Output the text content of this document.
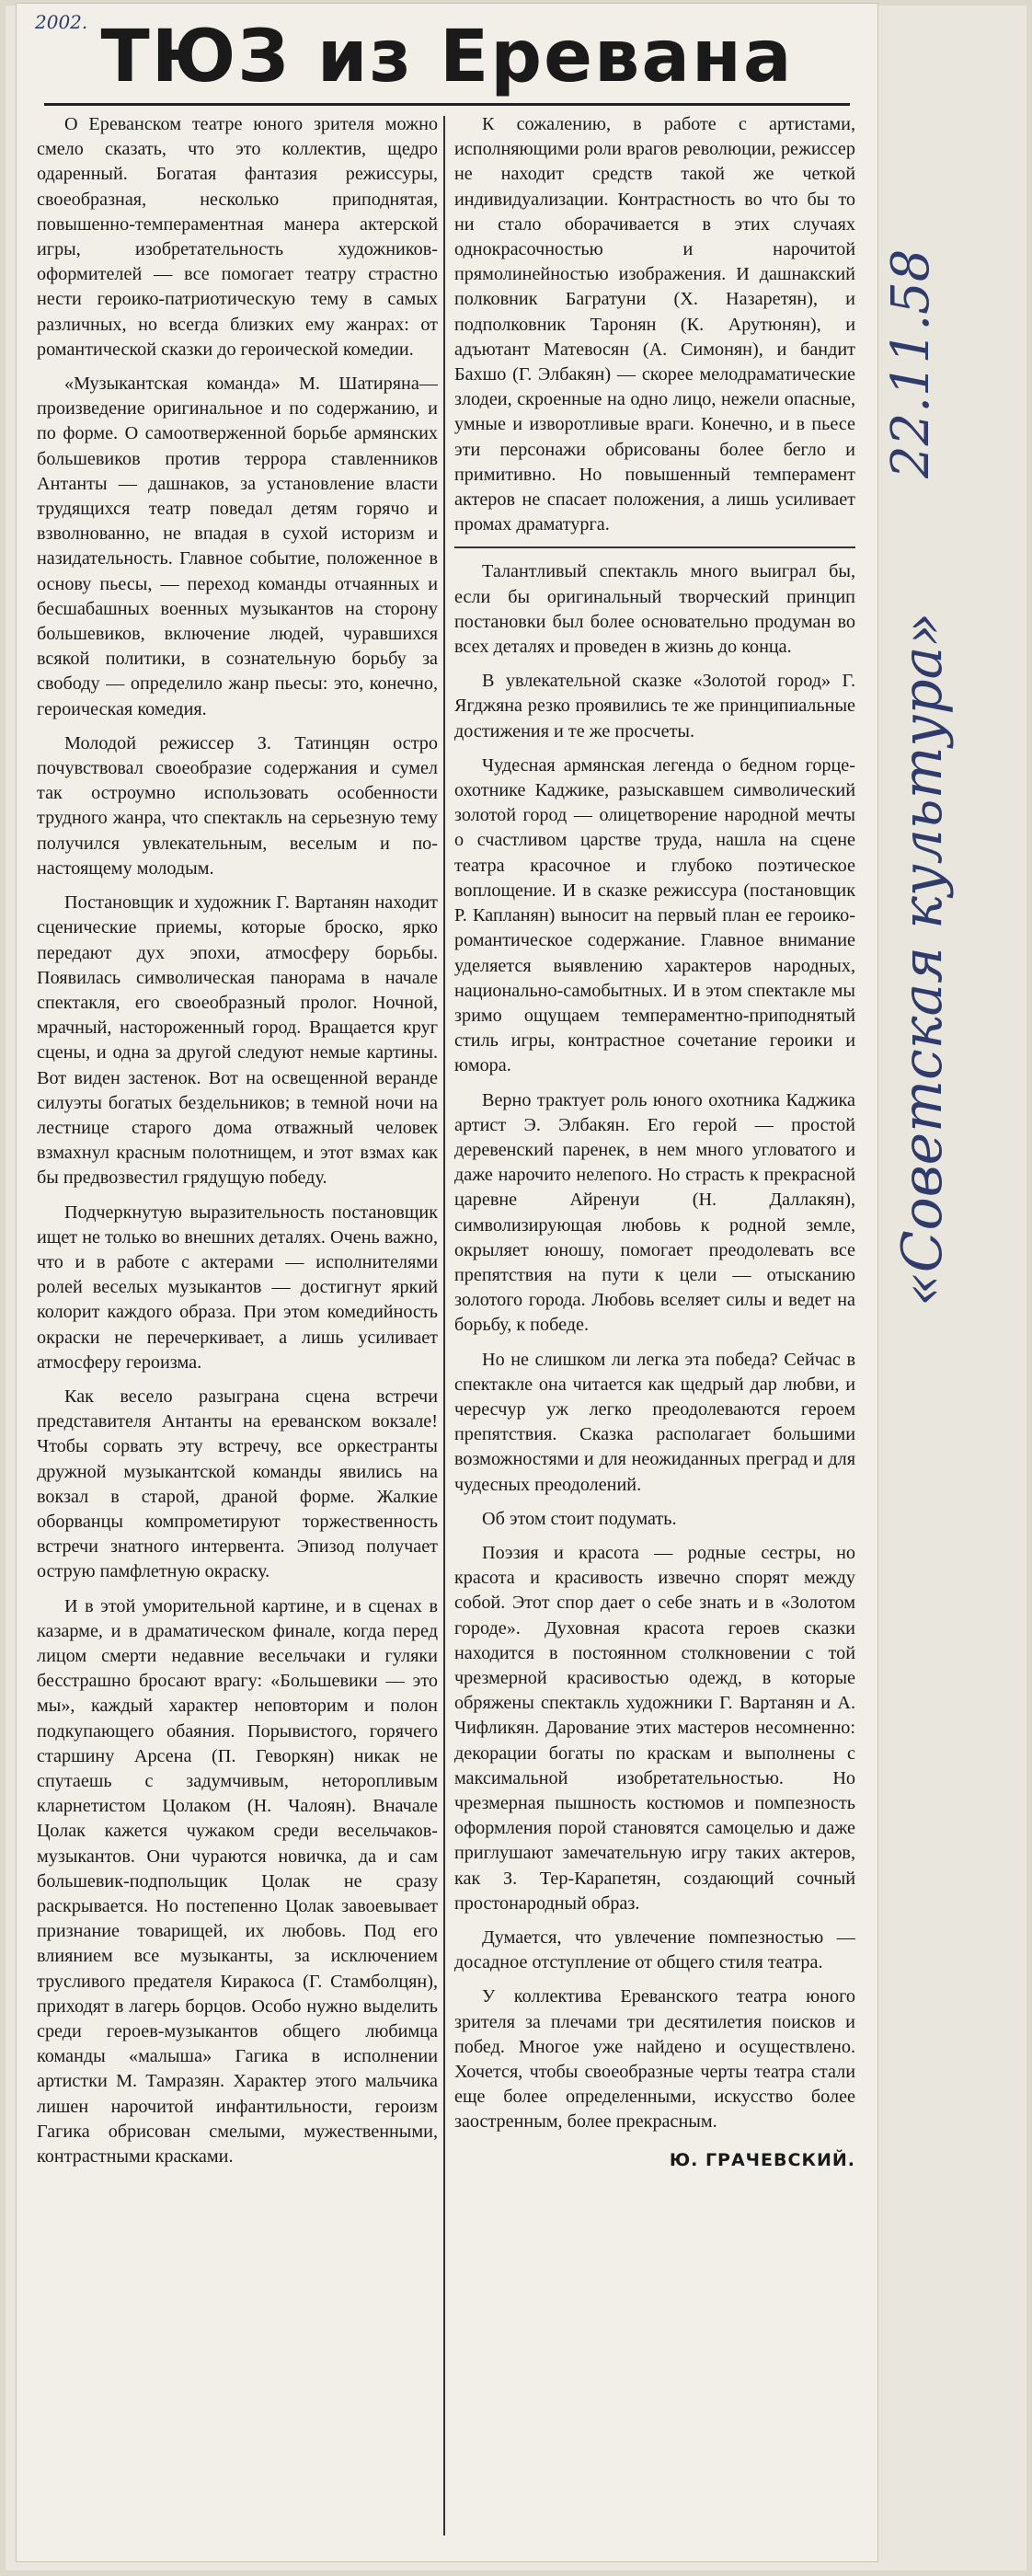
2002. ТЮЗ из Еревана

О Ереванском театре юного зрителя можно смело сказать, что это коллектив, щедро одаренный. Богатая фантазия режиссуры, своеобразная, несколько приподнятая, повышенно-темпераментная манера актерской игры, изобретательность художников-оформителей — все помогает театру страстно нести героико-патриотическую тему в самых различных, но всегда близких ему жанрах: от романтической сказки до героической комедии.

«Музыкантская команда» М. Шатиряна—произведение оригинальное и по содержанию, и по форме. О самоотверженной борьбе армянских большевиков против террора ставленников Антанты — дашнаков, за установление власти трудящихся театр поведал детям горячо и взволнованно, не впадая в сухой историзм и назидательность. Главное событие, положенное в основу пьесы, — переход команды отчаянных и бесшабашных военных музыкантов на сторону большевиков, включение людей, чуравшихся всякой политики, в сознательную борьбу за свободу — определило жанр пьесы: это, конечно, героическая комедия.

Молодой режиссер З. Татинцян остро почувствовал своеобразие содержания и сумел так остроумно использовать особенности трудного жанра, что спектакль на серьезную тему получился увлекательным, веселым и по-настоящему молодым.

Постановщик и художник Г. Вартанян находит сценические приемы, которые броско, ярко передают дух эпохи, атмосферу борьбы. Появилась символическая панорама в начале спектакля, его своеобразный пролог. Ночной, мрачный, настороженный город. Вращается круг сцены, и одна за другой следуют немые картины. Вот виден застенок. Вот на освещенной веранде силуэты богатых бездельников; в темной ночи на лестнице старого дома отважный человек взмахнул красным полотнищем, и этот взмах как бы предвозвестил грядущую победу.

Подчеркнутую выразительность постановщик ищет не только во внешних деталях. Очень важно, что и в работе с актерами — исполнителями ролей веселых музыкантов — достигнут яркий колорит каждого образа. При этом комедийность окраски не перечеркивает, а лишь усиливает атмосферу героизма.

Как весело разыграна сцена встречи представителя Антанты на ереванском вокзале! Чтобы сорвать эту встречу, все оркестранты дружной музыкантской команды явились на вокзал в старой, драной форме. Жалкие оборванцы компрометируют торжественность встречи знатного интервента. Эпизод получает острую памфлетную окраску.

И в этой уморительной картине, и в сценах в казарме, и в драматическом финале, когда перед лицом смерти недавние весельчаки и гуляки бесстрашно бросают врагу: «Большевики — это мы», каждый характер неповторим и полон подкупающего обаяния. Порывистого, горячего старшину Арсена (П. Геворкян) никак не спутаешь с задумчивым, неторопливым кларнетистом Цолаком (Н. Чалоян). Вначале Цолак кажется чужаком среди весельчаков-музыкантов. Они чураются новичка, да и сам большевик-подпольщик Цолак не сразу раскрывается. Но постепенно Цолак завоевывает признание товарищей, их любовь. Под его влиянием все музыканты, за исключением трусливого предателя Киракоса (Г. Стамболцян), приходят в лагерь борцов. Особо нужно выделить среди героев-музыкантов общего любимца команды «малыша» Гагика в исполнении артистки М. Тамразян. Характер этого мальчика лишен нарочитой инфантильности, героизм Гагика обрисован смелыми, мужественными, контрастными красками.

К сожалению, в работе с артистами, исполняющими роли врагов революции, режиссер не находит средств такой же четкой индивидуализации. Контрастность во что бы то ни стало оборачивается в этих случаях однокрасочностью и нарочитой прямолинейностью изображения. И дашнакский полковник Багратуни (Х. Назаретян), и подполковник Таронян (К. Арутюнян), и адъютант Матевосян (А. Симонян), и бандит Бахшо (Г. Элбакян) — скорее мелодраматические злодеи, скроенные на одно лицо, нежели опасные, умные и изворотливые враги. Конечно, и в пьесе эти персонажи обрисованы более бегло и примитивно. Но повышенный темперамент актеров не спасает положения, а лишь усиливает промах драматурга.

Талантливый спектакль много выиграл бы, если бы оригинальный творческий принцип постановки был более основательно продуман во всех деталях и проведен в жизнь до конца.

В увлекательной сказке «Золотой город» Г. Ягджяна резко проявились те же принципиальные достижения и те же просчеты.

Чудесная армянская легенда о бедном горце-охотнике Каджике, разыскавшем символический золотой город — олицетворение народной мечты о счастливом царстве труда, нашла на сцене театра красочное и глубоко поэтическое воплощение. И в сказке режиссура (постановщик Р. Капланян) выносит на первый план ее героико-романтическое содержание. Главное внимание уделяется выявлению характеров народных, национально-самобытных. И в этом спектакле мы зримо ощущаем темпераментно-приподнятый стиль игры, контрастное сочетание героики и юмора.

Верно трактует роль юного охотника Каджика артист Э. Элбакян. Его герой — простой деревенский паренек, в нем много угловатого и даже нарочито нелепого. Но страсть к прекрасной царевне Айренуи (Н. Даллакян), символизирующая любовь к родной земле, окрыляет юношу, помогает преодолевать все препятствия на пути к цели — отысканию золотого города. Любовь вселяет силы и ведет на борьбу, к победе.

Но не слишком ли легка эта победа? Сейчас в спектакле она читается как щедрый дар любви, и чересчур уж легко преодолеваются героем препятствия. Сказка располагает большими возможностями и для неожиданных преград и для чудесных преодолений.

Об этом стоит подумать.

Поэзия и красота — родные сестры, но красота и красивость извечно спорят между собой. Этот спор дает о себе знать и в «Золотом городе». Духовная красота героев сказки находится в постоянном столкновении с той чрезмерной красивостью одежд, в которые обряжены спектакль художники Г. Вартанян и А. Чифликян. Дарование этих мастеров несомненно: декорации богаты по краскам и выполнены с максимальной изобретательностью. Но чрезмерная пышность костюмов и помпезность оформления порой становятся самоцелью и даже приглушают замечательную игру таких актеров, как З. Тер-Карапетян, создающий сочный простонародный образ.

Думается, что увлечение помпезностью — досадное отступление от общего стиля театра.

У коллектива Ереванского театра юного зрителя за плечами три десятилетия поисков и побед. Многое уже найдено и осуществлено. Хочется, чтобы своеобразные черты театра стали еще более определенными, искусство более заостренным, более прекрасным.

Ю. ГРАЧЕВСКИЙ.
22.11.58
«Советская культура»
